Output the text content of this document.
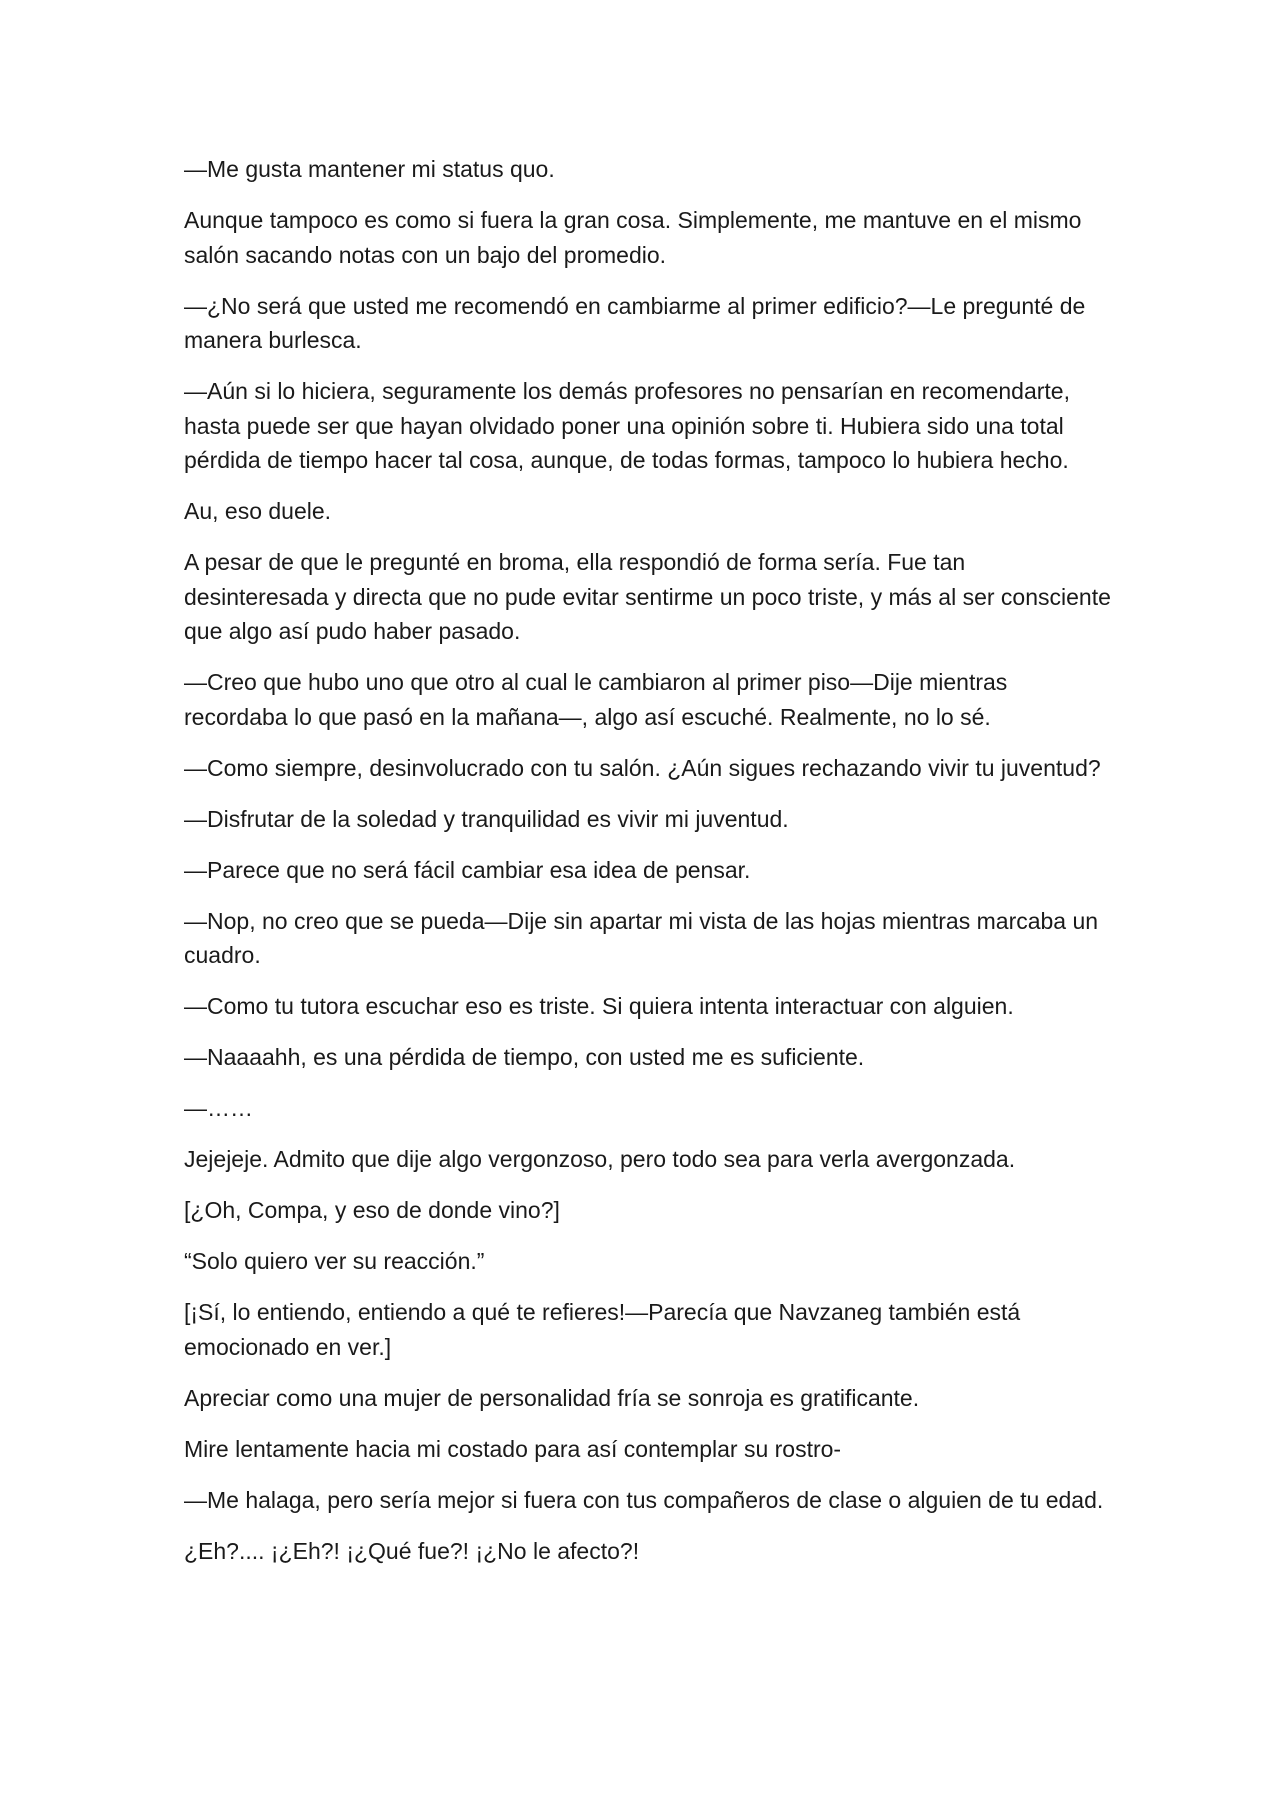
—Me gusta mantener mi status quo.

Aunque tampoco es como si fuera la gran cosa. Simplemente, me mantuve en el mismo salón sacando notas con un bajo del promedio.

—¿No será que usted me recomendó en cambiarme al primer edificio?—Le pregunté de manera burlesca.

—Aún si lo hiciera, seguramente los demás profesores no pensarían en recomendarte, hasta puede ser que hayan olvidado poner una opinión sobre ti. Hubiera sido una total pérdida de tiempo hacer tal cosa, aunque, de todas formas, tampoco lo hubiera hecho.

Au, eso duele.

A pesar de que le pregunté en broma, ella respondió de forma sería. Fue tan desinteresada y directa que no pude evitar sentirme un poco triste, y más al ser consciente que algo así pudo haber pasado.

—Creo que hubo uno que otro al cual le cambiaron al primer piso—Dije mientras recordaba lo que pasó en la mañana—, algo así escuché. Realmente, no lo sé.

—Como siempre, desinvolucrado con tu salón. ¿Aún sigues rechazando vivir tu juventud?

—Disfrutar de la soledad y tranquilidad es vivir mi juventud.

—Parece que no será fácil cambiar esa idea de pensar.

—Nop, no creo que se pueda—Dije sin apartar mi vista de las hojas mientras marcaba un cuadro.

—Como tu tutora escuchar eso es triste. Si quiera intenta interactuar con alguien.

—Naaaahh, es una pérdida de tiempo, con usted me es suficiente.

—……

Jejejeje. Admito que dije algo vergonzoso, pero todo sea para verla avergonzada.

[¿Oh, Compa, y eso de donde vino?]

“Solo quiero ver su reacción.”

[¡Sí, lo entiendo, entiendo a qué te refieres!—Parecía que Navzaneg también está emocionado en ver.]

Apreciar como una mujer de personalidad fría se sonroja es gratificante.

Mire lentamente hacia mi costado para así contemplar su rostro-

—Me halaga, pero sería mejor si fuera con tus compañeros de clase o alguien de tu edad.

¿Eh?.... ¡¿Eh?! ¡¿Qué fue?! ¡¿No le afecto?!
